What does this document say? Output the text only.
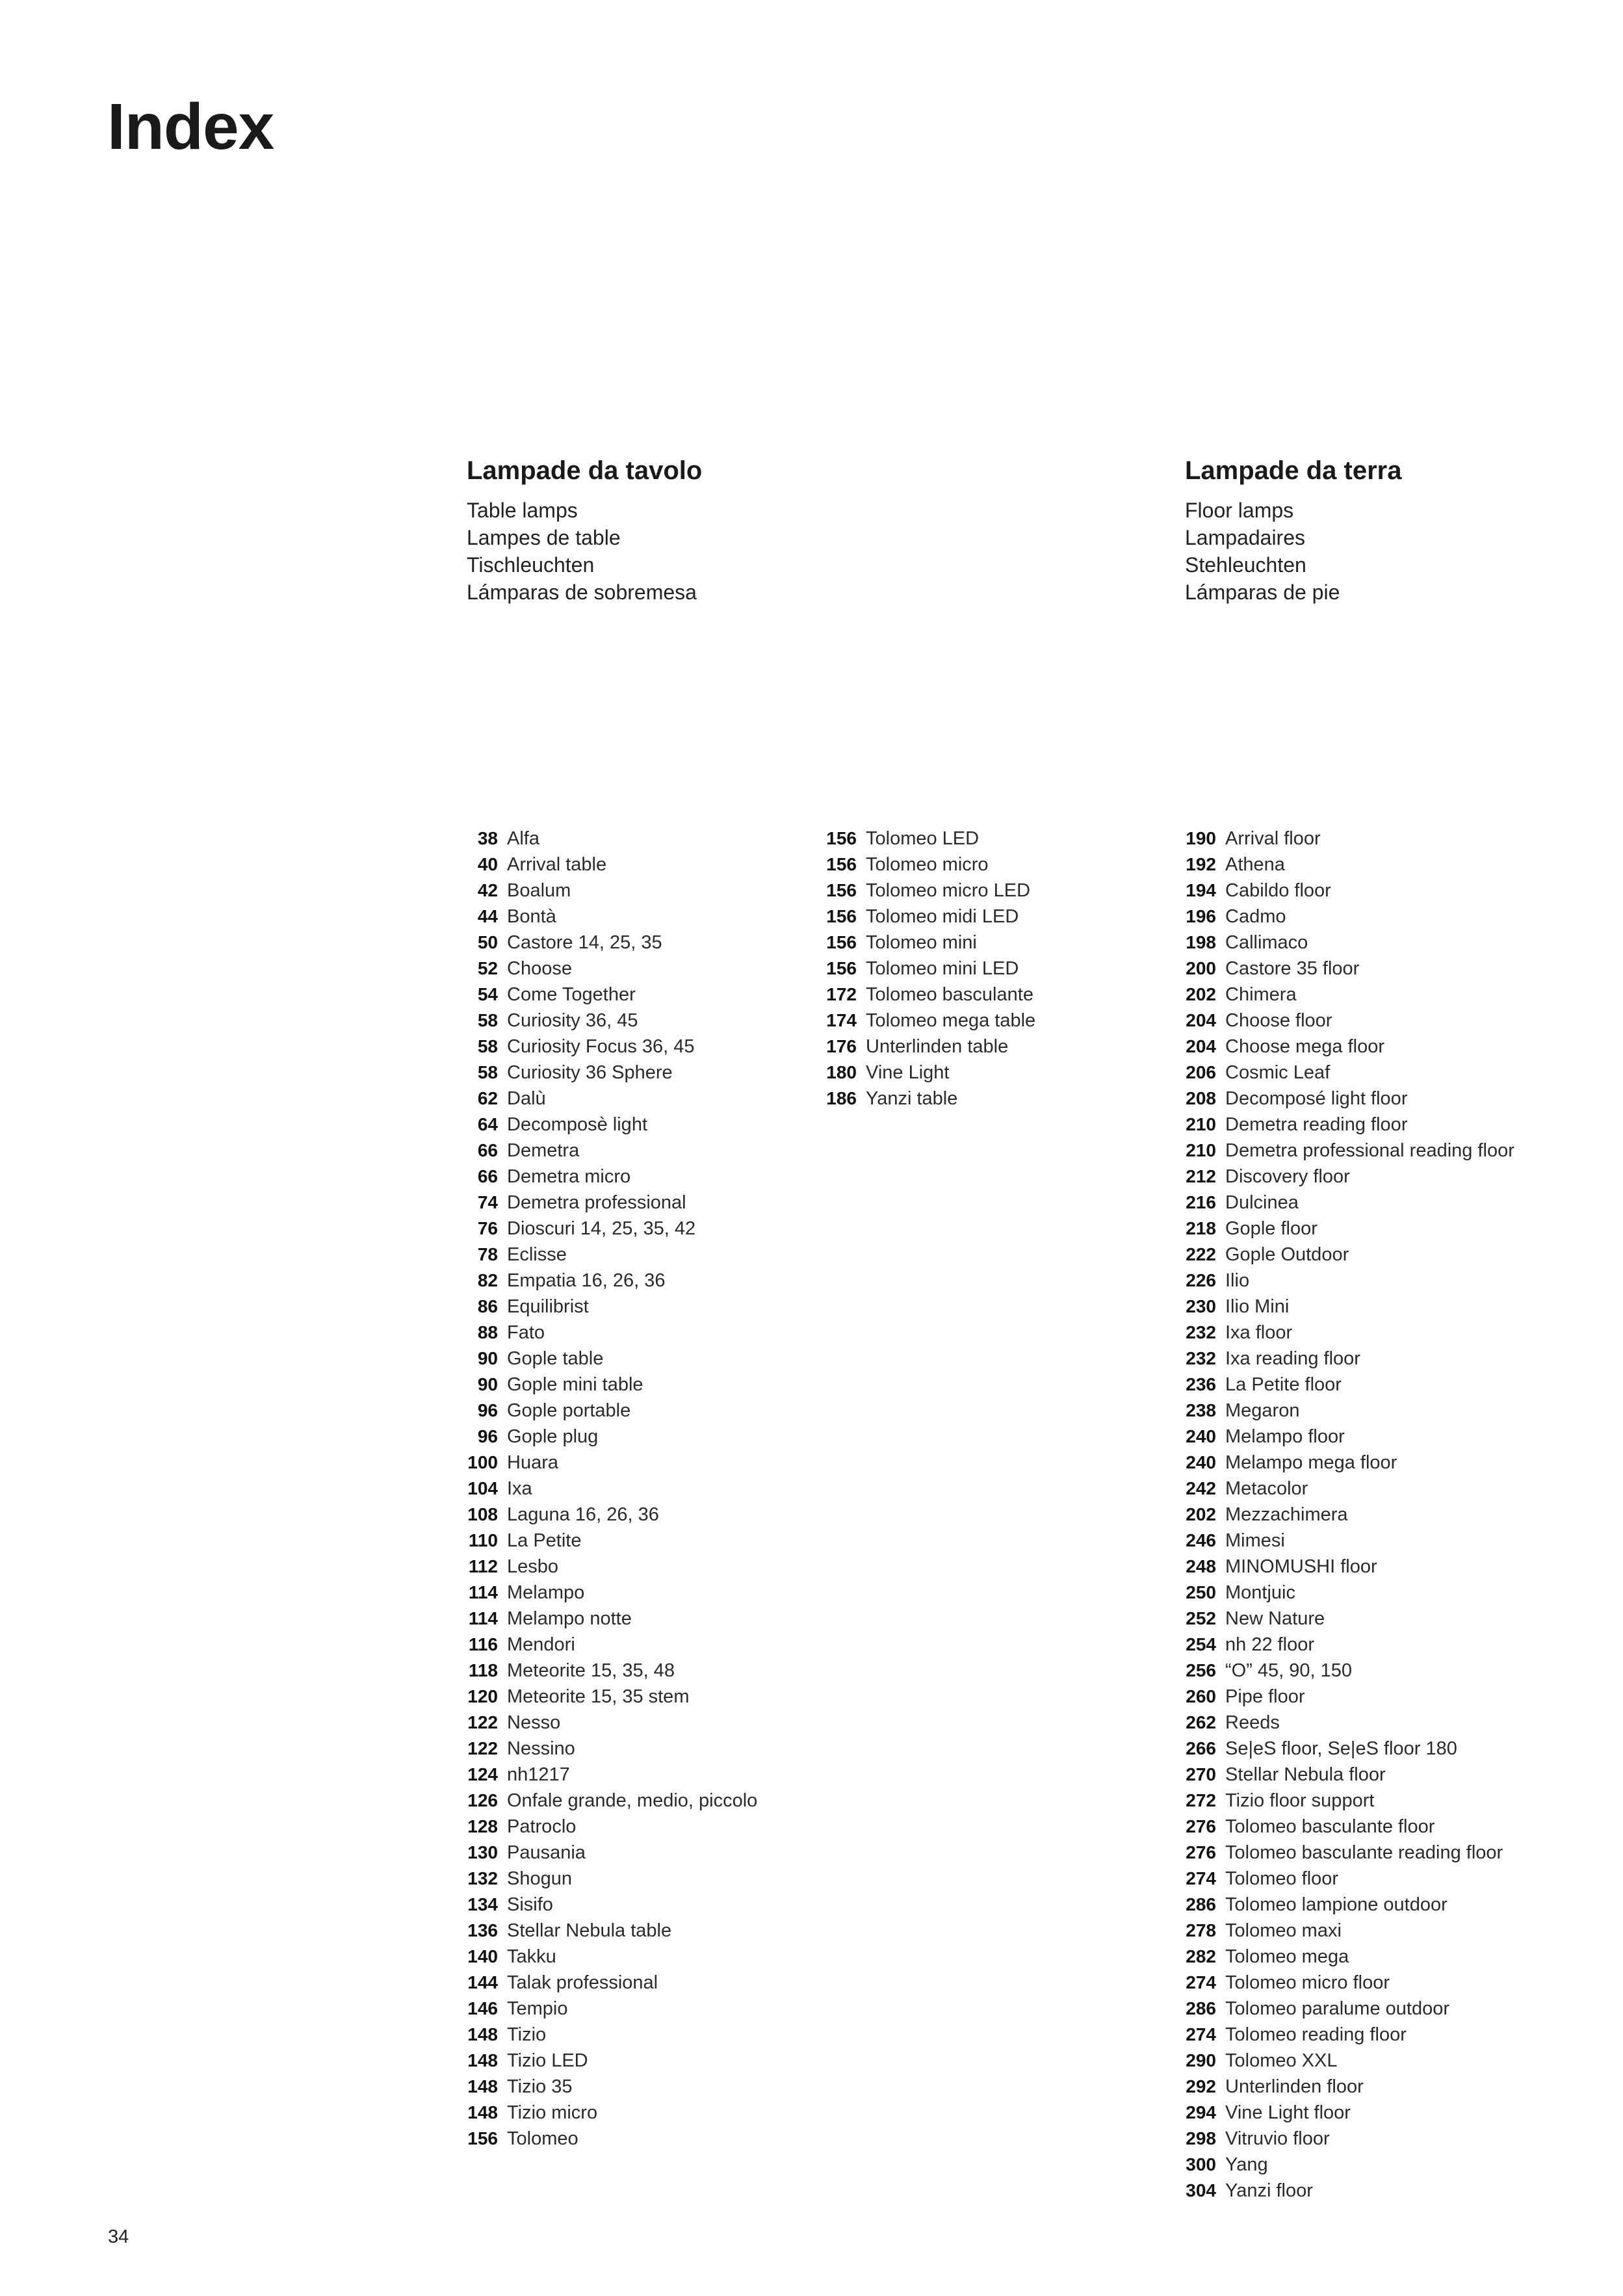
Index
Lampade da tavolo
Table lamps
Lampes de table
Tischleuchten
Lámparas de sobremesa
Lampade da terra
Floor lamps
Lampadaires
Stehleuchten
Lámparas de pie
38 Alfa
40 Arrival table
42 Boalum
44 Bontà
50 Castore 14, 25, 35
52 Choose
54 Come Together
58 Curiosity 36, 45
58 Curiosity Focus 36, 45
58 Curiosity 36 Sphere
62 Dalù
64 Decomposè light
66 Demetra
66 Demetra micro
74 Demetra professional
76 Dioscuri 14, 25, 35, 42
78 Eclisse
82 Empatia 16, 26, 36
86 Equilibrist
88 Fato
90 Gople table
90 Gople mini table
96 Gople portable
96 Gople plug
100 Huara
104 Ixa
108 Laguna 16, 26, 36
110 La Petite
112 Lesbo
114 Melampo
114 Melampo notte
116 Mendori
118 Meteorite 15, 35, 48
120 Meteorite 15, 35 stem
122 Nesso
122 Nessino
124 nh1217
126 Onfale grande, medio, piccolo
128 Patroclo
130 Pausania
132 Shogun
134 Sisifo
136 Stellar Nebula table
140 Takku
144 Talak professional
146 Tempio
148 Tizio
148 Tizio LED
148 Tizio 35
148 Tizio micro
156 Tolomeo
156 Tolomeo LED
156 Tolomeo micro
156 Tolomeo micro LED
156 Tolomeo midi LED
156 Tolomeo mini
156 Tolomeo mini LED
172 Tolomeo basculante
174 Tolomeo mega table
176 Unterlinden table
180 Vine Light
186 Yanzi table
190 Arrival floor
192 Athena
194 Cabildo floor
196 Cadmo
198 Callimaco
200 Castore 35 floor
202 Chimera
204 Choose floor
204 Choose mega floor
206 Cosmic Leaf
208 Decomposé light floor
210 Demetra reading floor
210 Demetra professional reading floor
212 Discovery floor
216 Dulcinea
218 Gople floor
222 Gople Outdoor
226 Ilio
230 Ilio Mini
232 Ixa floor
232 Ixa reading floor
236 La Petite floor
238 Megaron
240 Melampo floor
240 Melampo mega floor
242 Metacolor
202 Mezzachimera
246 Mimesi
248 MINOMUSHI floor
250 Montjuic
252 New Nature
254 nh 22 floor
256 “O” 45, 90, 150
260 Pipe floor
262 Reeds
266 Se|eS floor, Se|eS floor 180
270 Stellar Nebula floor
272 Tizio floor support
276 Tolomeo basculante floor
276 Tolomeo basculante reading floor
274 Tolomeo floor
286 Tolomeo lampione outdoor
278 Tolomeo maxi
282 Tolomeo mega
274 Tolomeo micro floor
286 Tolomeo paralume outdoor
274 Tolomeo reading floor
290 Tolomeo XXL
292 Unterlinden floor
294 Vine Light floor
298 Vitruvio floor
300 Yang
304 Yanzi floor
34
